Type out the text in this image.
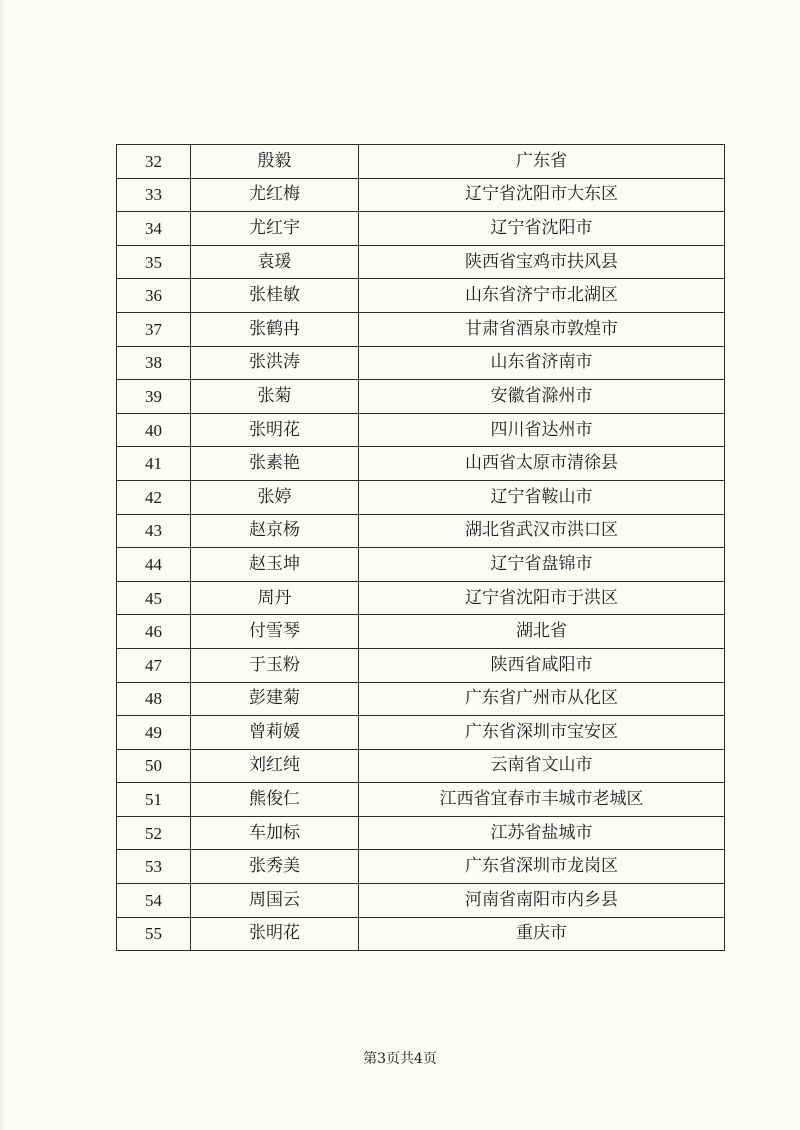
32	殷毅	广东省
33	尤红梅	辽宁省沈阳市大东区
34	尤红宇	辽宁省沈阳市
35	袁瑗	陕西省宝鸡市扶风县
36	张桂敏	山东省济宁市北湖区
37	张鹤冉	甘肃省酒泉市敦煌市
38	张洪涛	山东省济南市
39	张菊	安徽省滁州市
40	张明花	四川省达州市
41	张素艳	山西省太原市清徐县
42	张婷	辽宁省鞍山市
43	赵京杨	湖北省武汉市洪口区
44	赵玉坤	辽宁省盘锦市
45	周丹	辽宁省沈阳市于洪区
46	付雪琴	湖北省
47	于玉粉	陕西省咸阳市
48	彭建菊	广东省广州市从化区
49	曾莉媛	广东省深圳市宝安区
50	刘红纯	云南省文山市
51	熊俊仁	江西省宜春市丰城市老城区
52	车加标	江苏省盐城市
53	张秀美	广东省深圳市龙岗区
54	周国云	河南省南阳市内乡县
55	张明花	重庆市
第3页共4页
